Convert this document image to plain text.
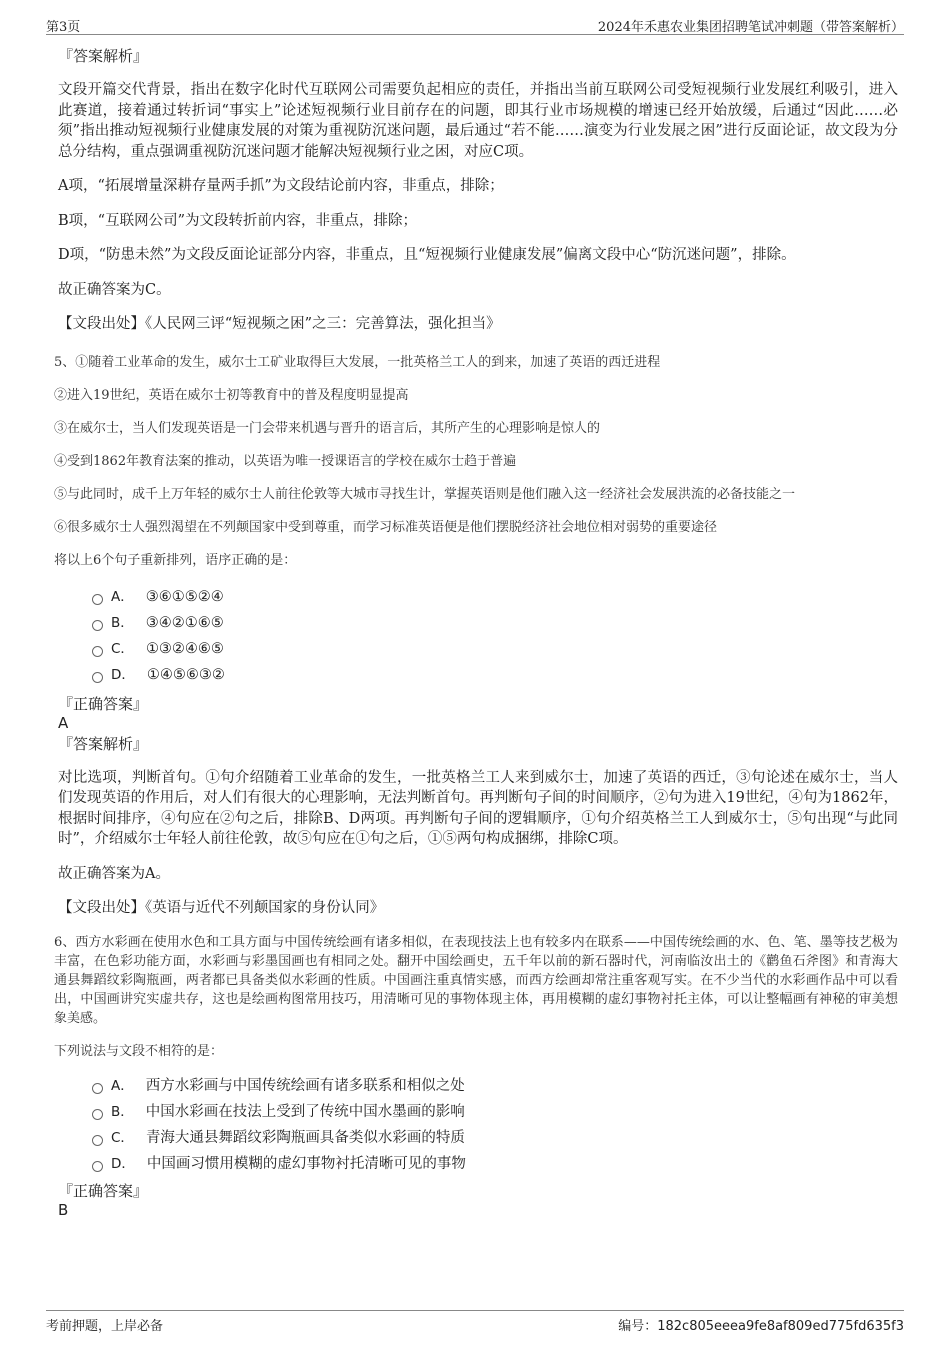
第3页	2024年禾惠农业集团招聘笔试冲刺题（带答案解析）

『答案解析』

文段开篇交代背景，指出在数字化时代互联网公司需要负起相应的责任，并指出当前互联网公司受短视频行业发展红利吸引，进入此赛道，接着通过转折词“事实上”论述短视频行业目前存在的问题，即其行业市场规模的增速已经开始放缓，后通过“因此……必须”指出推动短视频行业健康发展的对策为重视防沉迷问题，最后通过“若不能……演变为行业发展之困”进行反面论证，故文段为分总分结构，重点强调重视防沉迷问题才能解决短视频行业之困，对应C项。

A项，“拓展增量深耕存量两手抓”为文段结论前内容，非重点，排除；

B项，“互联网公司”为文段转折前内容，非重点，排除；

D项，“防患未然”为文段反面论证部分内容，非重点，且“短视频行业健康发展”偏离文段中心“防沉迷问题”，排除。

故正确答案为C。

【文段出处】《人民网三评“短视频之困”之三：完善算法，强化担当》

5、①随着工业革命的发生，威尔士工矿业取得巨大发展，一批英格兰工人的到来，加速了英语的西迁进程

②进入19世纪，英语在威尔士初等教育中的普及程度明显提高

③在威尔士，当人们发现英语是一门会带来机遇与晋升的语言后，其所产生的心理影响是惊人的

④受到1862年教育法案的推动，以英语为唯一授课语言的学校在威尔士趋于普遍

⑤与此同时，成千上万年轻的威尔士人前往伦敦等大城市寻找生计，掌握英语则是他们融入这一经济社会发展洪流的必备技能之一

⑥很多威尔士人强烈渴望在不列颠国家中受到尊重，而学习标准英语便是他们摆脱经济社会地位相对弱势的重要途径

将以上6个句子重新排列，语序正确的是：

A． ③⑥①⑤②④
B． ③④②①⑥⑤
C． ①③②④⑥⑤
D． ①④⑤⑥③②

『正确答案』

A

『答案解析』

对比选项，判断首句。①句介绍随着工业革命的发生，一批英格兰工人来到威尔士，加速了英语的西迁，③句论述在威尔士，当人们发现英语的作用后，对人们有很大的心理影响，无法判断首句。再判断句子间的时间顺序，②句为进入19世纪，④句为1862年，根据时间排序，④句应在②句之后，排除B、D两项。再判断句子间的逻辑顺序，①句介绍英格兰工人到威尔士，⑤句出现“与此同时”，介绍威尔士年轻人前往伦敦，故⑤句应在①句之后，①⑤两句构成捆绑，排除C项。

故正确答案为A。

【文段出处】《英语与近代不列颠国家的身份认同》

6、西方水彩画在使用水色和工具方面与中国传统绘画有诸多相似，在表现技法上也有较多内在联系——中国传统绘画的水、色、笔、墨等技艺极为丰富，在色彩功能方面，水彩画与彩墨国画也有相同之处。翻开中国绘画史，五千年以前的新石器时代，河南临汝出土的《鹳鱼石斧图》和青海大通县舞蹈纹彩陶瓶画，两者都已具备类似水彩画的性质。中国画注重真情实感，而西方绘画却常注重客观写实。在不少当代的水彩画作品中可以看出，中国画讲究实虚共存，这也是绘画构图常用技巧，用清晰可见的事物体现主体，再用模糊的虚幻事物衬托主体，可以让整幅画有神秘的审美想象美感。

下列说法与文段不相符的是：

A． 西方水彩画与中国传统绘画有诸多联系和相似之处
B． 中国水彩画在技法上受到了传统中国水墨画的影响
C． 青海大通县舞蹈纹彩陶瓶画具备类似水彩画的特质
D． 中国画习惯用模糊的虚幻事物衬托清晰可见的事物

『正确答案』

B

考前押题，上岸必备	编号：182c805eeea9fe8af809ed775fd635f3
